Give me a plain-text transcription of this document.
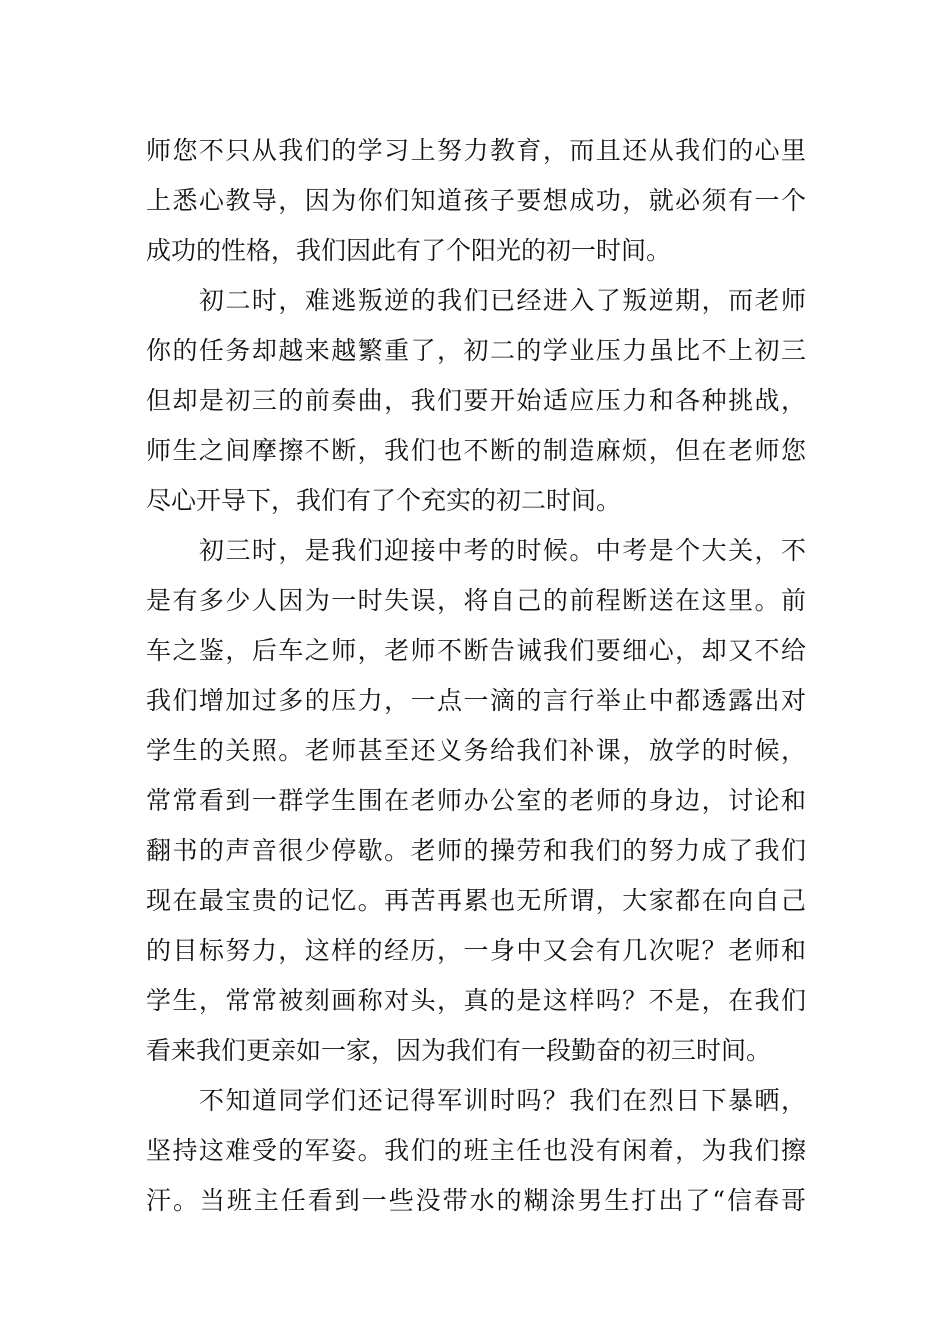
师您不只从我们的学习上努力教育，而且还从我们的心里
上悉心教导，因为你们知道孩子要想成功，就必须有一个
成功的性格，我们因此有了个阳光的初一时间。
初二时，难逃叛逆的我们已经进入了叛逆期，而老师
你的任务却越来越繁重了，初二的学业压力虽比不上初三
但却是初三的前奏曲，我们要开始适应压力和各种挑战，
师生之间摩擦不断，我们也不断的制造麻烦，但在老师您
尽心开导下，我们有了个充实的初二时间。
初三时，是我们迎接中考的时候。中考是个大关，不
是有多少人因为一时失误，将自己的前程断送在这里。前
车之鉴，后车之师，老师不断告诫我们要细心，却又不给
我们增加过多的压力，一点一滴的言行举止中都透露出对
学生的关照。老师甚至还义务给我们补课，放学的时候，
常常看到一群学生围在老师办公室的老师的身边，讨论和
翻书的声音很少停歇。老师的操劳和我们的努力成了我们
现在最宝贵的记忆。再苦再累也无所谓，大家都在向自己
的目标努力，这样的经历，一身中又会有几次呢？老师和
学生，常常被刻画称对头，真的是这样吗？不是，在我们
看来我们更亲如一家，因为我们有一段勤奋的初三时间。
不知道同学们还记得军训时吗？我们在烈日下暴晒，
坚持这难受的军姿。我们的班主任也没有闲着，为我们擦
汗。当班主任看到一些没带水的糊涂男生打出了“信春哥
